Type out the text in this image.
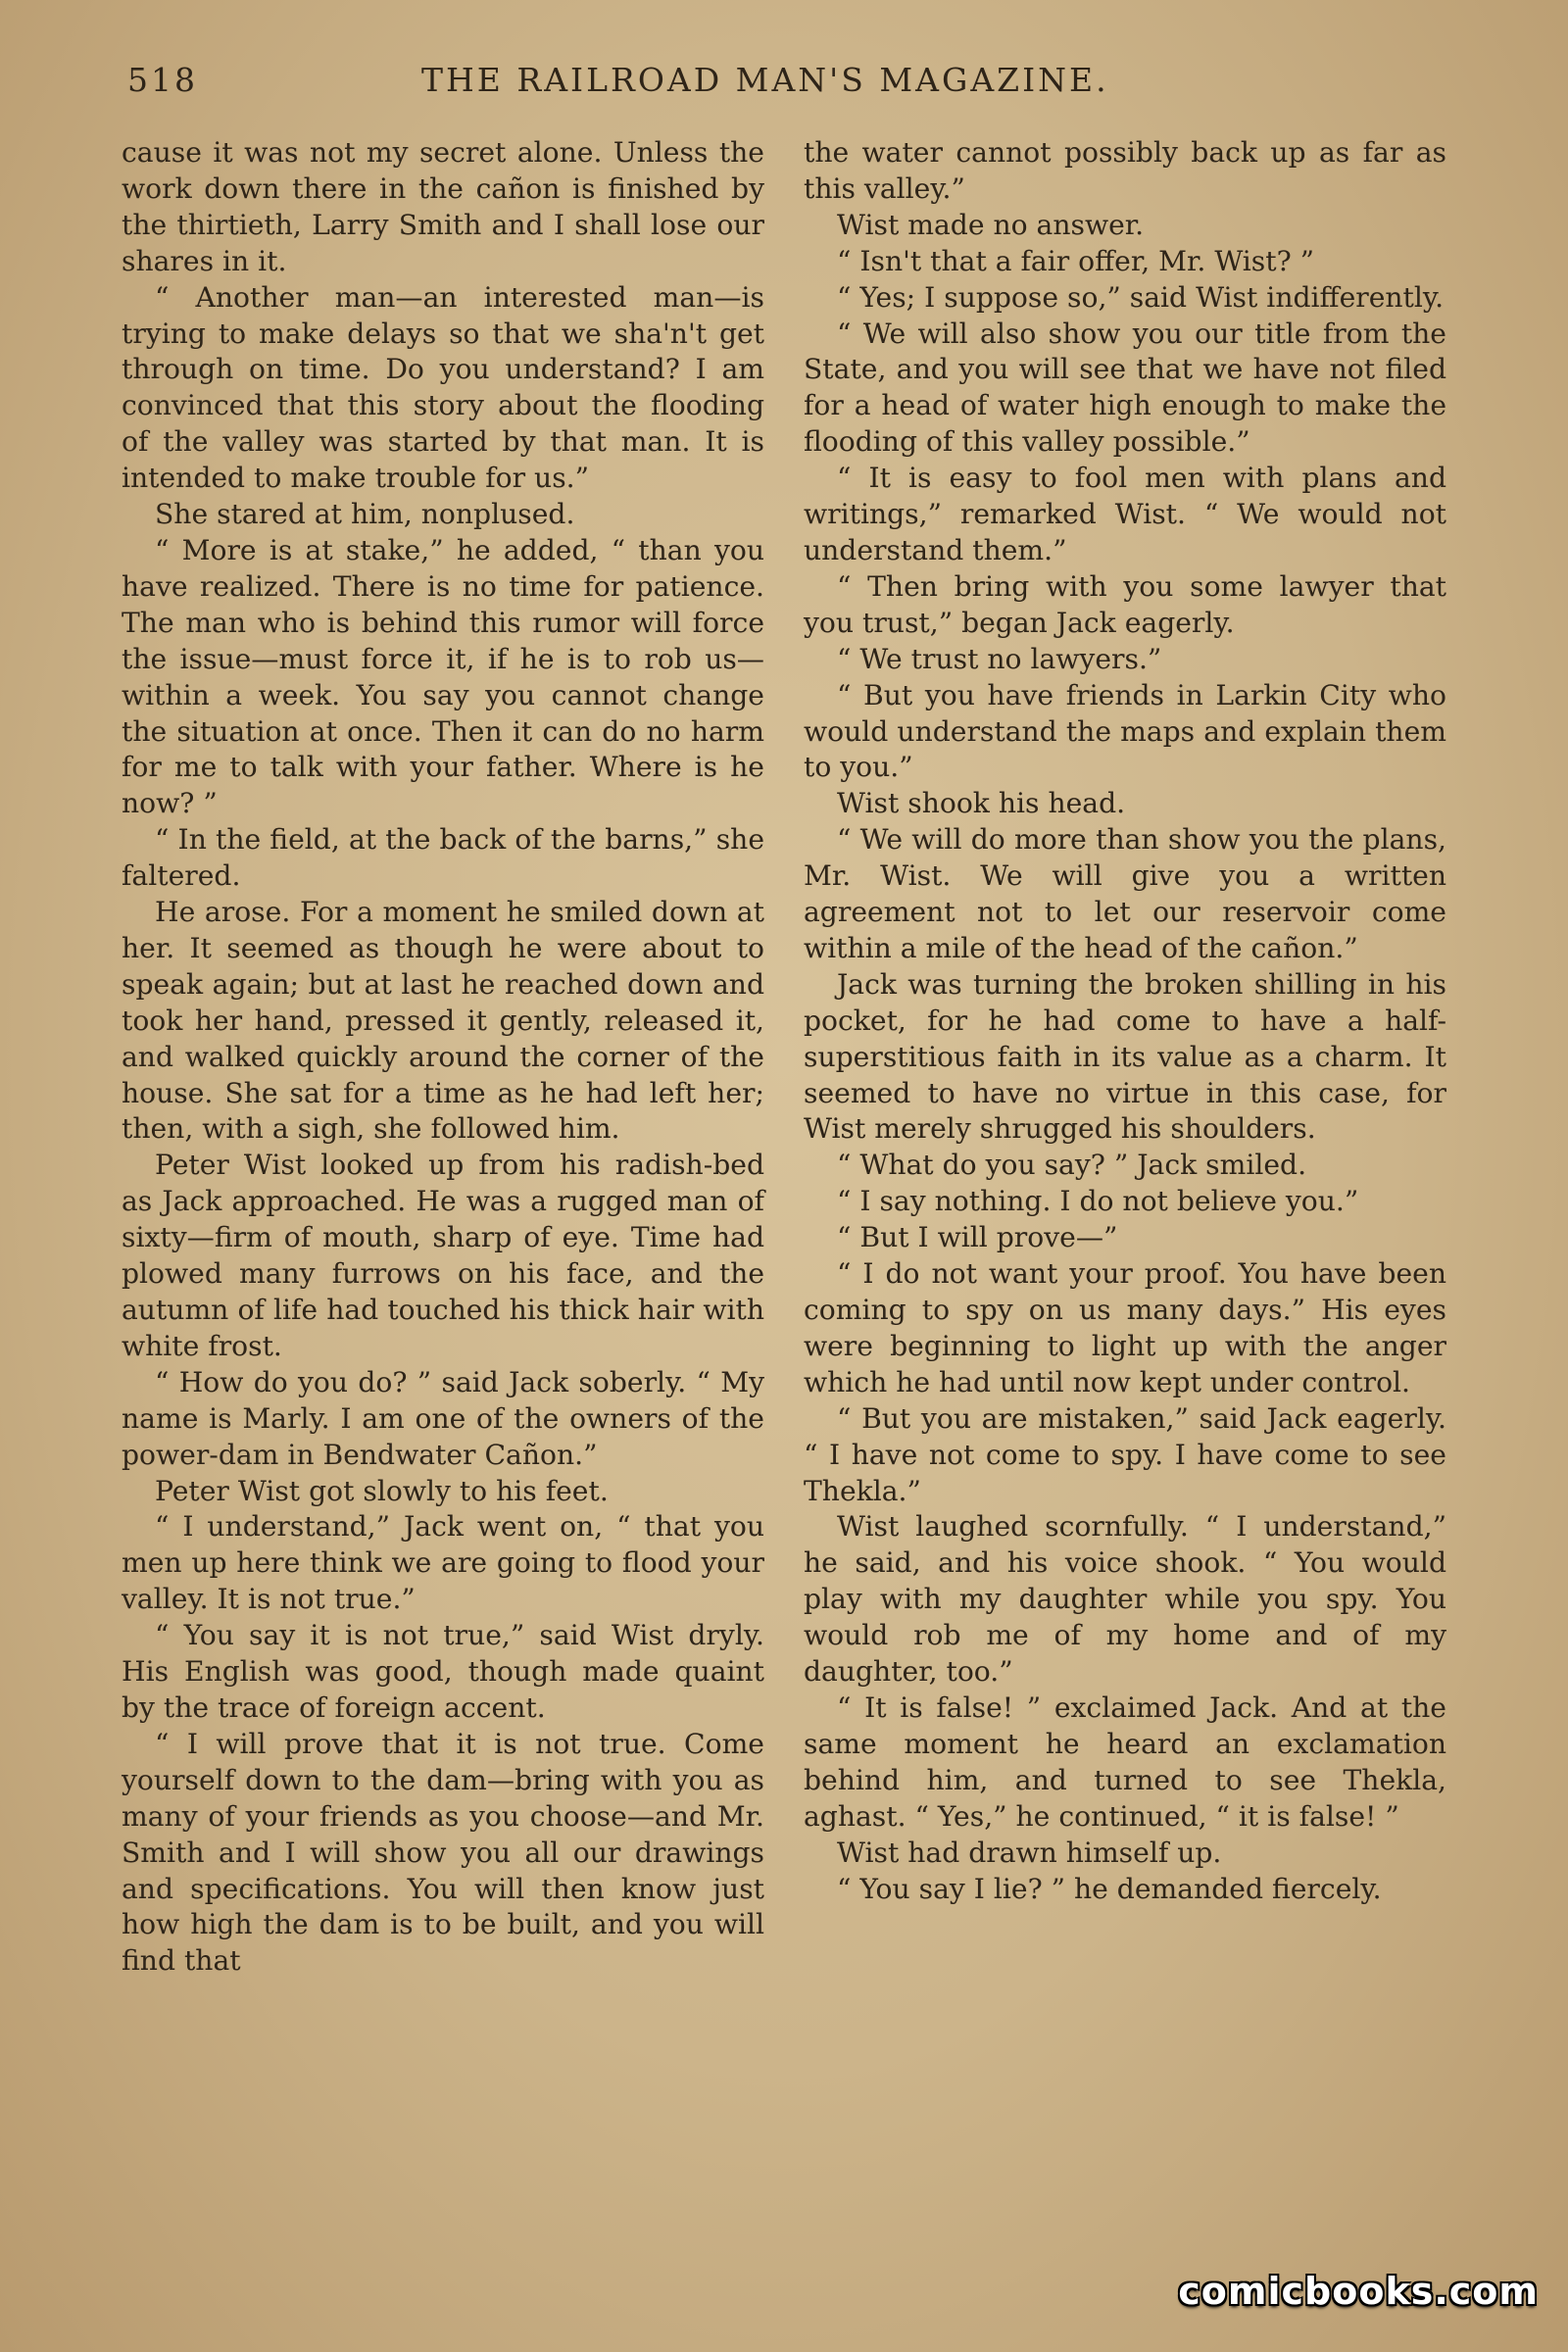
518	THE RAILROAD MAN'S MAGAZINE.

cause it was not my secret alone. Unless the work down there in the cañon is finished by the thirtieth, Larry Smith and I shall lose our shares in it.

“ Another man—an interested man—is trying to make delays so that we sha'n't get through on time. Do you understand? I am convinced that this story about the flooding of the valley was started by that man. It is intended to make trouble for us.”

She stared at him, nonplused.

“ More is at stake,” he added, “ than you have realized. There is no time for patience. The man who is behind this rumor will force the issue—must force it, if he is to rob us—within a week. You say you cannot change the situation at once. Then it can do no harm for me to talk with your father. Where is he now? ”

“ In the field, at the back of the barns,” she faltered.

He arose. For a moment he smiled down at her. It seemed as though he were about to speak again; but at last he reached down and took her hand, pressed it gently, released it, and walked quickly around the corner of the house. She sat for a time as he had left her; then, with a sigh, she followed him.

Peter Wist looked up from his radish-bed as Jack approached. He was a rugged man of sixty—firm of mouth, sharp of eye. Time had plowed many furrows on his face, and the autumn of life had touched his thick hair with white frost.

“ How do you do? ” said Jack soberly. “ My name is Marly. I am one of the owners of the power-dam in Bendwater Cañon.”

Peter Wist got slowly to his feet.

“ I understand,” Jack went on, “ that you men up here think we are going to flood your valley. It is not true.”

“ You say it is not true,” said Wist dryly. His English was good, though made quaint by the trace of foreign accent.

“ I will prove that it is not true. Come yourself down to the dam—bring with you as many of your friends as you choose—and Mr. Smith and I will show you all our drawings and specifications. You will then know just how high the dam is to be built, and you will find that

the water cannot possibly back up as far as this valley.”

Wist made no answer.

“ Isn't that a fair offer, Mr. Wist? ”

“ Yes; I suppose so,” said Wist indifferently.

“ We will also show you our title from the State, and you will see that we have not filed for a head of water high enough to make the flooding of this valley possible.”

“ It is easy to fool men with plans and writings,” remarked Wist. “ We would not understand them.”

“ Then bring with you some lawyer that you trust,” began Jack eagerly.

“ We trust no lawyers.”

“ But you have friends in Larkin City who would understand the maps and explain them to you.”

Wist shook his head.

“ We will do more than show you the plans, Mr. Wist. We will give you a written agreement not to let our reservoir come within a mile of the head of the cañon.”

Jack was turning the broken shilling in his pocket, for he had come to have a half-superstitious faith in its value as a charm. It seemed to have no virtue in this case, for Wist merely shrugged his shoulders.

“ What do you say? ” Jack smiled.

“ I say nothing. I do not believe you.”

“ But I will prove—”

“ I do not want your proof. You have been coming to spy on us many days.” His eyes were beginning to light up with the anger which he had until now kept under control.

“ But you are mistaken,” said Jack eagerly. “ I have not come to spy. I have come to see Thekla.”

Wist laughed scornfully. “ I understand,” he said, and his voice shook. “ You would play with my daughter while you spy. You would rob me of my home and of my daughter, too.”

“ It is false! ” exclaimed Jack. And at the same moment he heard an exclamation behind him, and turned to see Thekla, aghast. “ Yes,” he continued, “ it is false! ”

Wist had drawn himself up.

“ You say I lie? ” he demanded fiercely.

comicbooks.com
